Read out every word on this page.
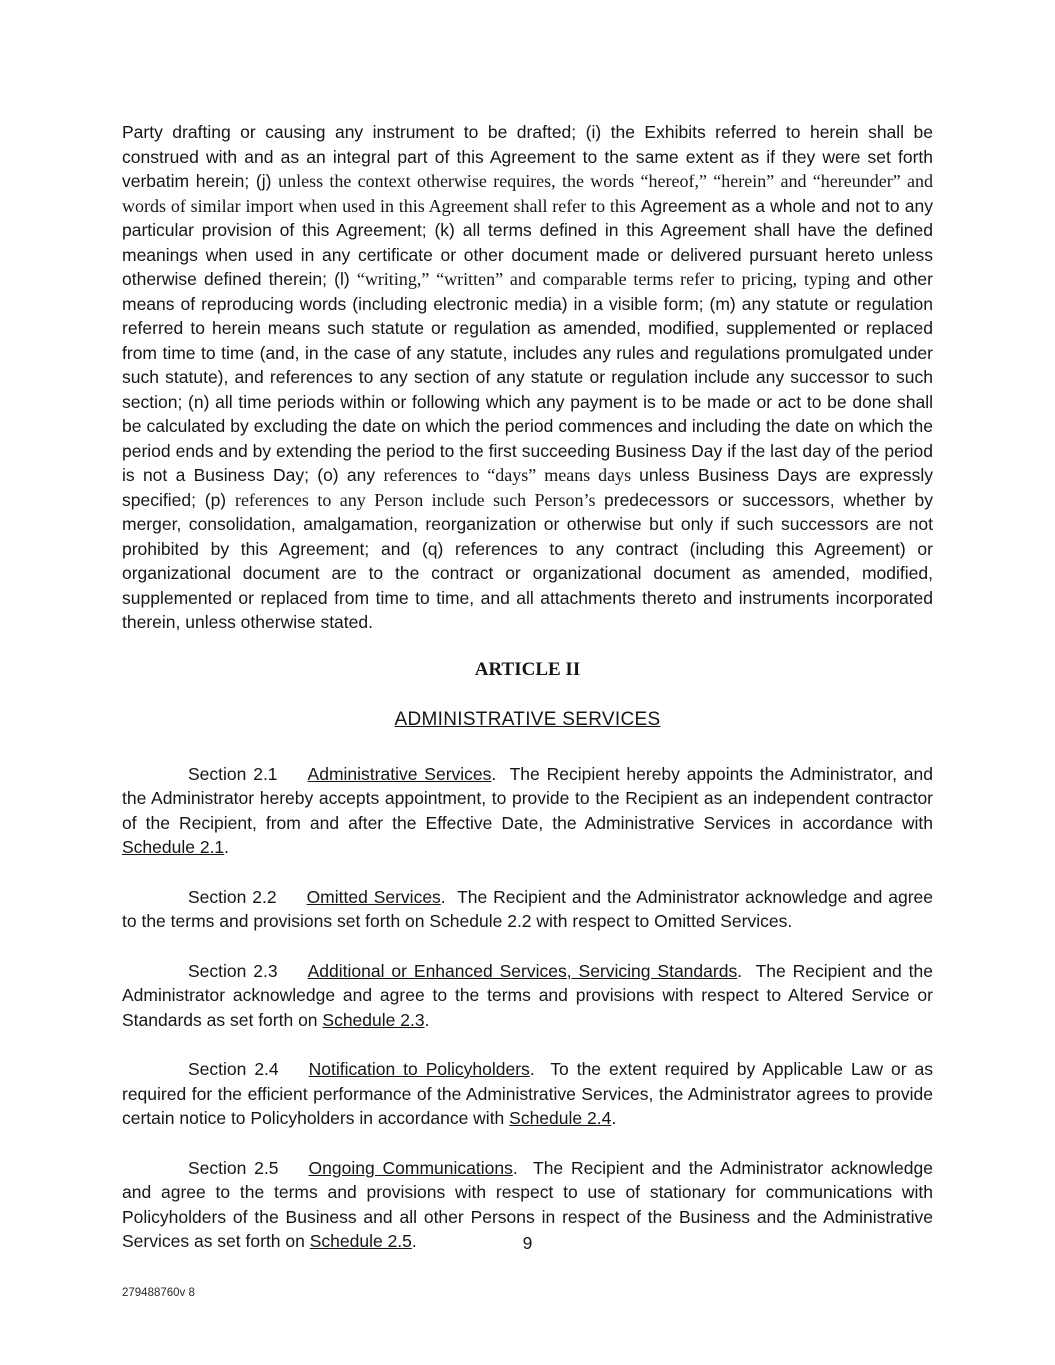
Party drafting or causing any instrument to be drafted; (i) the Exhibits referred to herein shall be construed with and as an integral part of this Agreement to the same extent as if they were set forth verbatim herein; (j) unless the context otherwise requires, the words “hereof,” “herein” and “hereunder” and words of similar import when used in this Agreement shall refer to this Agreement as a whole and not to any particular provision of this Agreement; (k) all terms defined in this Agreement shall have the defined meanings when used in any certificate or other document made or delivered pursuant hereto unless otherwise defined therein; (l) “writing,” “written” and comparable terms refer to pricing, typing and other means of reproducing words (including electronic media) in a visible form; (m) any statute or regulation referred to herein means such statute or regulation as amended, modified, supplemented or replaced from time to time (and, in the case of any statute, includes any rules and regulations promulgated under such statute), and references to any section of any statute or regulation include any successor to such section; (n) all time periods within or following which any payment is to be made or act to be done shall be calculated by excluding the date on which the period commences and including the date on which the period ends and by extending the period to the first succeeding Business Day if the last day of the period is not a Business Day; (o) any references to “days” means days unless Business Days are expressly specified; (p) references to any Person include such Person’s predecessors or successors, whether by merger, consolidation, amalgamation, reorganization or otherwise but only if such successors are not prohibited by this Agreement; and (q) references to any contract (including this Agreement) or organizational document are to the contract or organizational document as amended, modified, supplemented or replaced from time to time, and all attachments thereto and instruments incorporated therein, unless otherwise stated.

ARTICLE II
ADMINISTRATIVE SERVICES

Section 2.1 Administrative Services.  The Recipient hereby appoints the Administrator, and the Administrator hereby accepts appointment, to provide to the Recipient as an independent contractor of the Recipient, from and after the Effective Date, the Administrative Services in accordance with Schedule 2.1.

Section 2.2 Omitted Services.  The Recipient and the Administrator acknowledge and agree to the terms and provisions set forth on Schedule 2.2 with respect to Omitted Services.

Section 2.3 Additional or Enhanced Services, Servicing Standards.  The Recipient and the Administrator acknowledge and agree to the terms and provisions with respect to Altered Service or Standards as set forth on Schedule 2.3.

Section 2.4 Notification to Policyholders.  To the extent required by Applicable Law or as required for the efficient performance of the Administrative Services, the Administrator agrees to provide certain notice to Policyholders in accordance with Schedule 2.4.

Section 2.5 Ongoing Communications.  The Recipient and the Administrator acknowledge and agree to the terms and provisions with respect to use of stationary for communications with Policyholders of the Business and all other Persons in respect of the Business and the Administrative Services as set forth on Schedule 2.5.	9
279488760v 8
